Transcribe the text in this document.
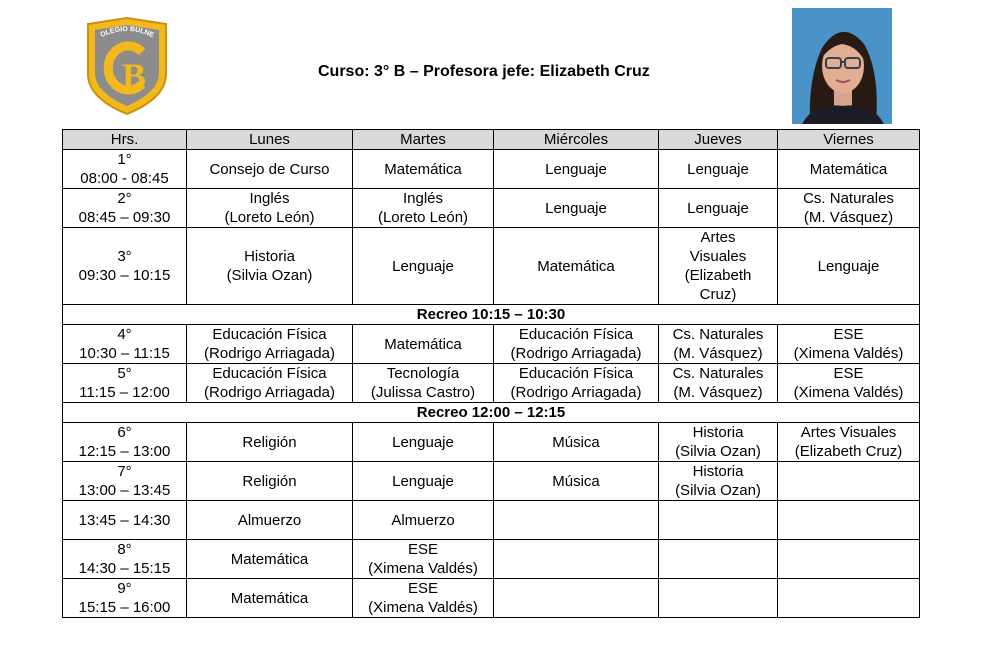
B
OLEGIO BULNE
Curso: 3° B – Profesora jefe: Elizabeth Cruz
Hrs.	Lunes	Martes	Miércoles	Jueves	Viernes

1°
08:00 - 08:45	Consejo de Curso	Matemática	Lenguaje	Lenguaje	Matemática

2°
08:45 – 09:30	Inglés
(Loreto León)	Inglés
(Loreto León)	Lenguaje	Lenguaje	Cs. Naturales
(M. Vásquez)

3°
09:30 – 10:15	Historia
(Silvia Ozan)	Lenguaje	Matemática	Artes
Visuales
(Elizabeth
Cruz)	Lenguaje

Recreo 10:15 – 10:30					

4°
10:30 – 11:15	Educación Física
(Rodrigo Arriagada)	Matemática	Educación Física
(Rodrigo Arriagada)	Cs. Naturales
(M. Vásquez)	ESE
(Ximena Valdés)

5°
11:15 – 12:00	Educación Física
(Rodrigo Arriagada)	Tecnología
(Julissa Castro)	Educación Física
(Rodrigo Arriagada)	Cs. Naturales
(M. Vásquez)	ESE
(Ximena Valdés)

Recreo 12:00 – 12:15					

6°
12:15 – 13:00	Religión	Lenguaje	Música	Historia
(Silvia Ozan)	Artes Visuales
(Elizabeth Cruz)

7°
13:00 – 13:45	Religión	Lenguaje	Música	Historia
(Silvia Ozan)	

13:45 – 14:30	Almuerzo	Almuerzo			

8°
14:30 – 15:15	Matemática	ESE
(Ximena Valdés)			

9°
15:15 – 16:00	Matemática	ESE
(Ximena Valdés)			
